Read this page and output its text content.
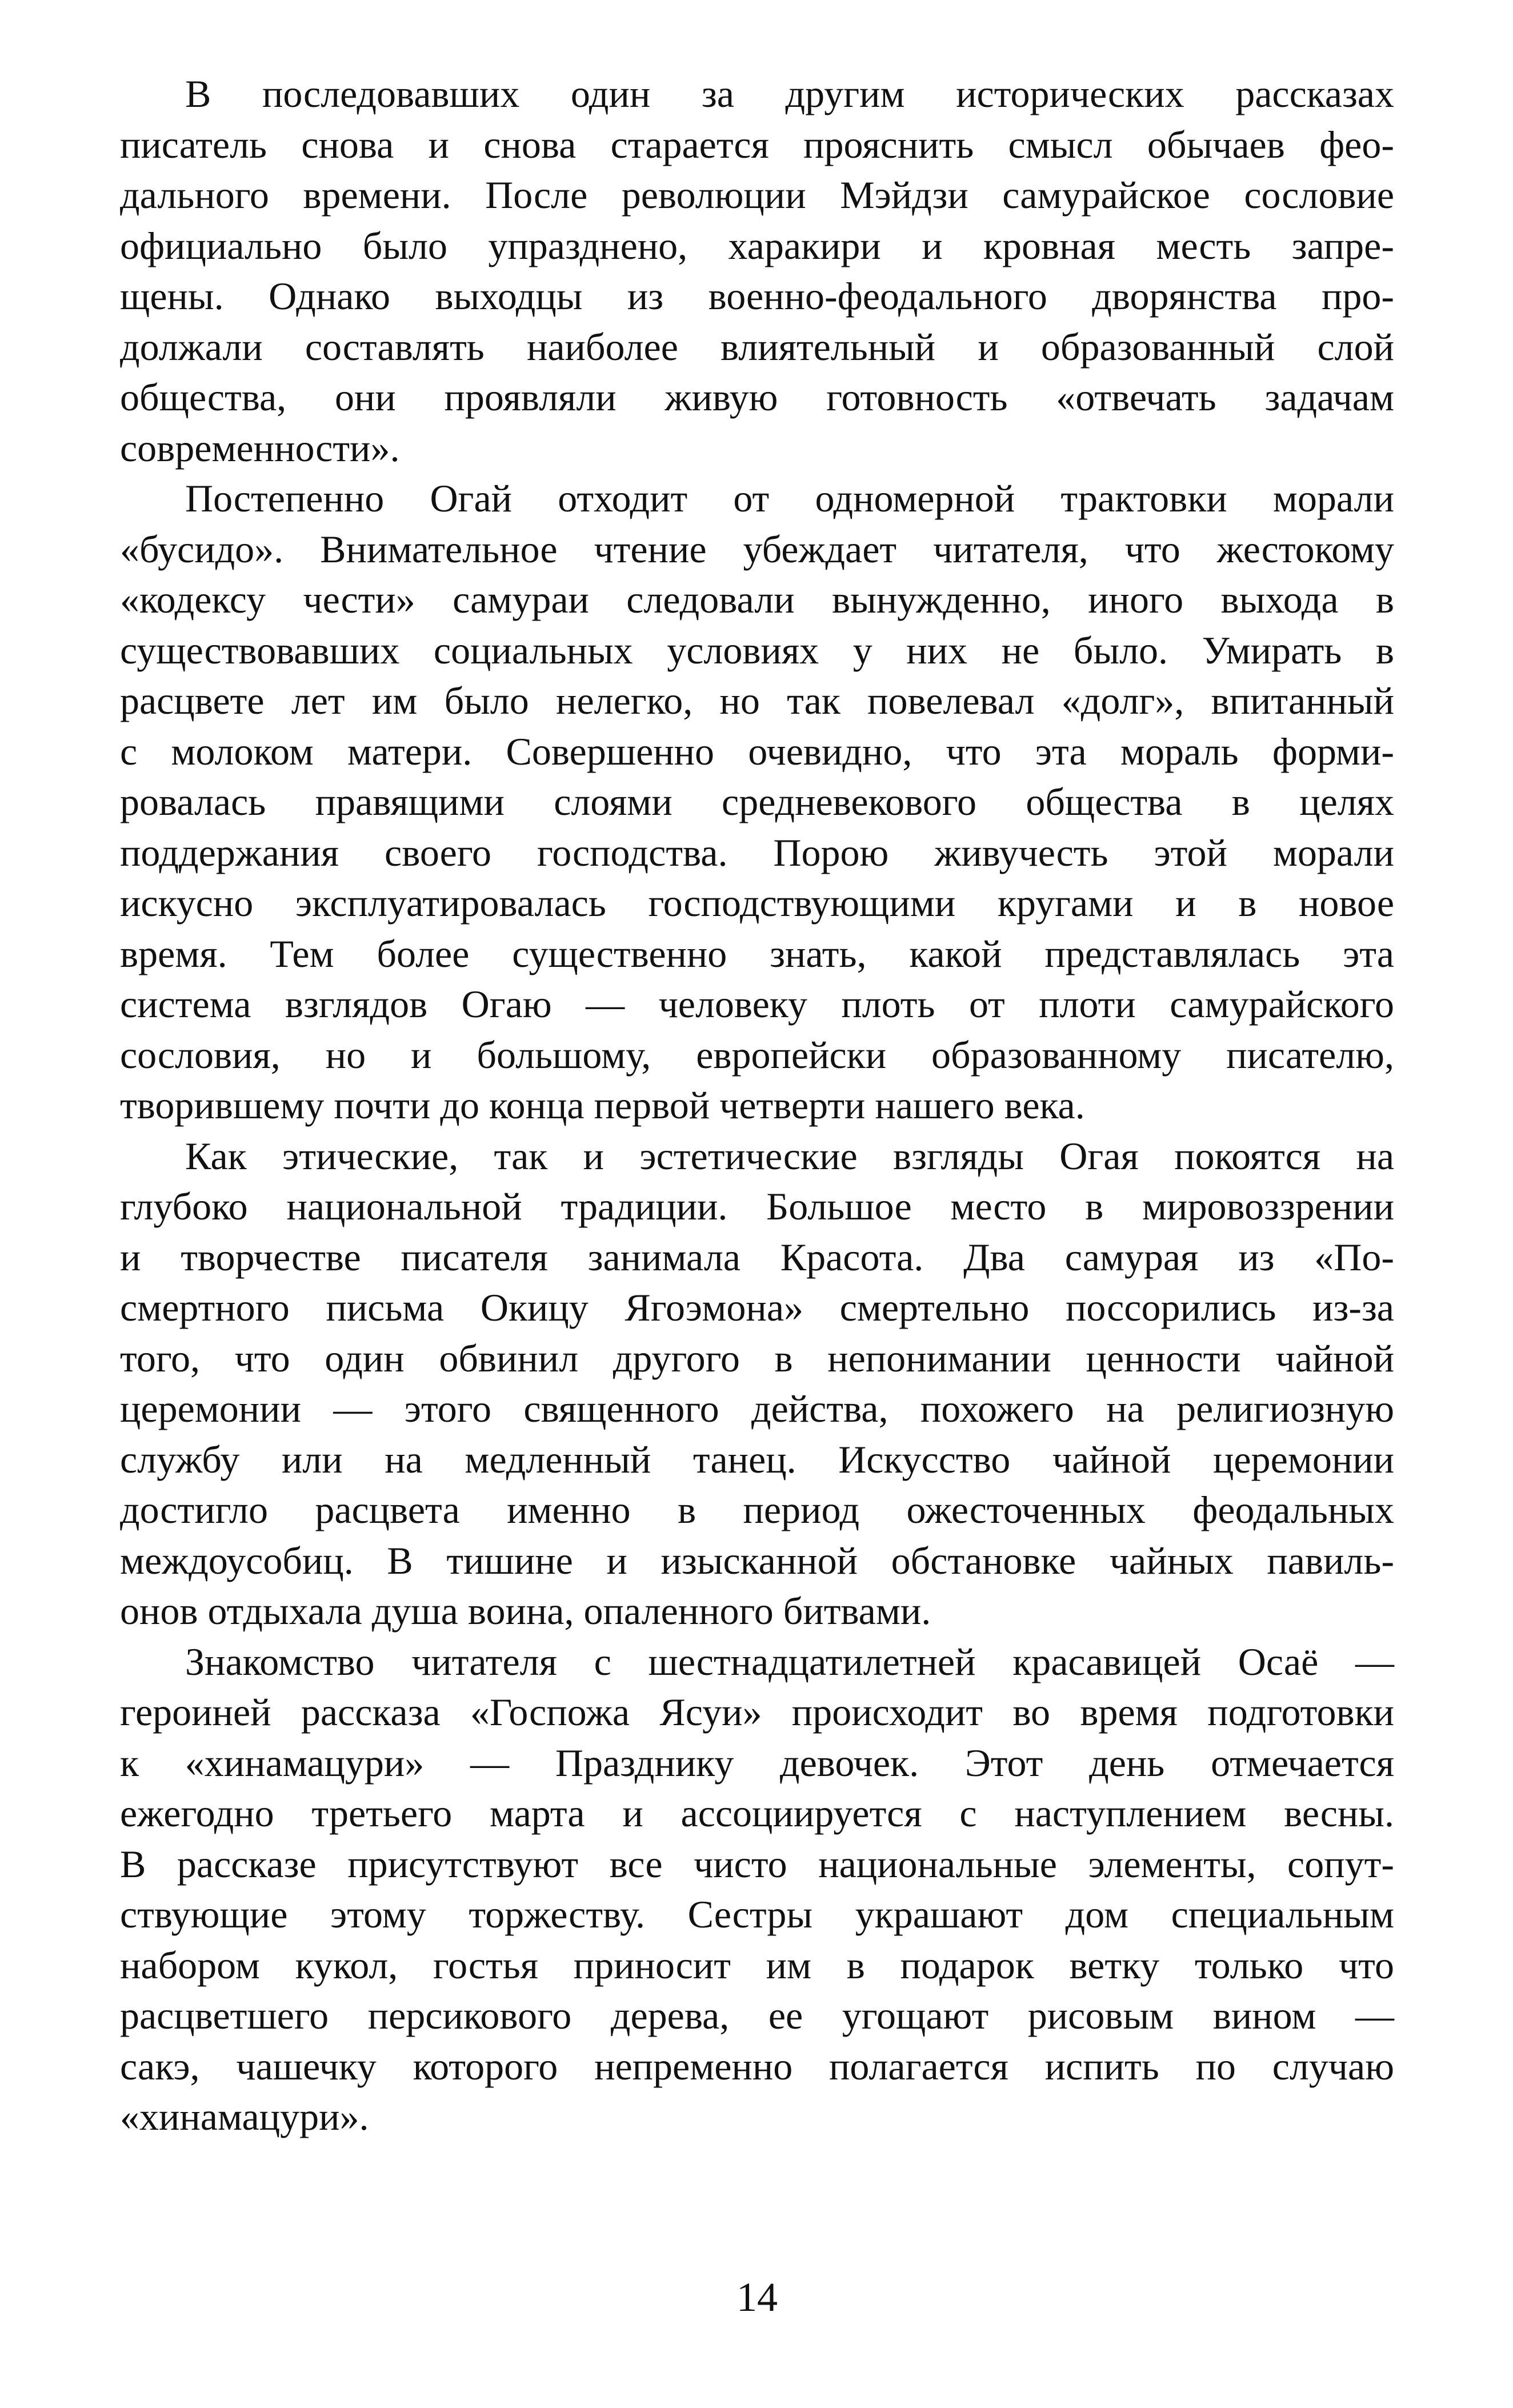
В последовавших один за другим исторических рассказах
писатель снова и снова старается прояснить смысл обычаев фео-
дального времени. После революции Мэйдзи самурайское сословие
официально было упразднено, харакири и кровная месть запре-
щены. Однако выходцы из военно-феодального дворянства про-
должали составлять наиболее влиятельный и образованный слой
общества, они проявляли живую готовность «отвечать задачам
современности».

Постепенно Огай отходит от одномерной трактовки морали
«бусидо». Внимательное чтение убеждает читателя, что жестокому
«кодексу чести» самураи следовали вынужденно, иного выхода в
существовавших социальных условиях у них не было. Умирать в
расцвете лет им было нелегко, но так повелевал «долг», впитанный
с молоком матери. Совершенно очевидно, что эта мораль форми-
ровалась правящими слоями средневекового общества в целях
поддержания своего господства. Порою живучесть этой морали
искусно эксплуатировалась господствующими кругами и в новое
время. Тем более существенно знать, какой представлялась эта
система взглядов Огаю — человеку плоть от плоти самурайского
сословия, но и большому, европейски образованному писателю,
творившему почти до конца первой четверти нашего века.

Как этические, так и эстетические взгляды Огая покоятся на
глубоко национальной традиции. Большое место в мировоззрении
и творчестве писателя занимала Красота. Два самурая из «По-
смертного письма Окицу Ягоэмона» смертельно поссорились из-за
того, что один обвинил другого в непонимании ценности чайной
церемонии — этого священного действа, похожего на религиозную
службу или на медленный танец. Искусство чайной церемонии
достигло расцвета именно в период ожесточенных феодальных
междоусобиц. В тишине и изысканной обстановке чайных павиль-
онов отдыхала душа воина, опаленного битвами.

Знакомство читателя с шестнадцатилетней красавицей Осаё —
героиней рассказа «Госпожа Ясуи» происходит во время подготовки
к «хинамацури» — Празднику девочек. Этот день отмечается
ежегодно третьего марта и ассоциируется с наступлением весны.
В рассказе присутствуют все чисто национальные элементы, сопут-
ствующие этому торжеству. Сестры украшают дом специальным
набором кукол, гостья приносит им в подарок ветку только что
расцветшего персикового дерева, ее угощают рисовым вином —
сакэ, чашечку которого непременно полагается испить по случаю
«хинамацури».

14
